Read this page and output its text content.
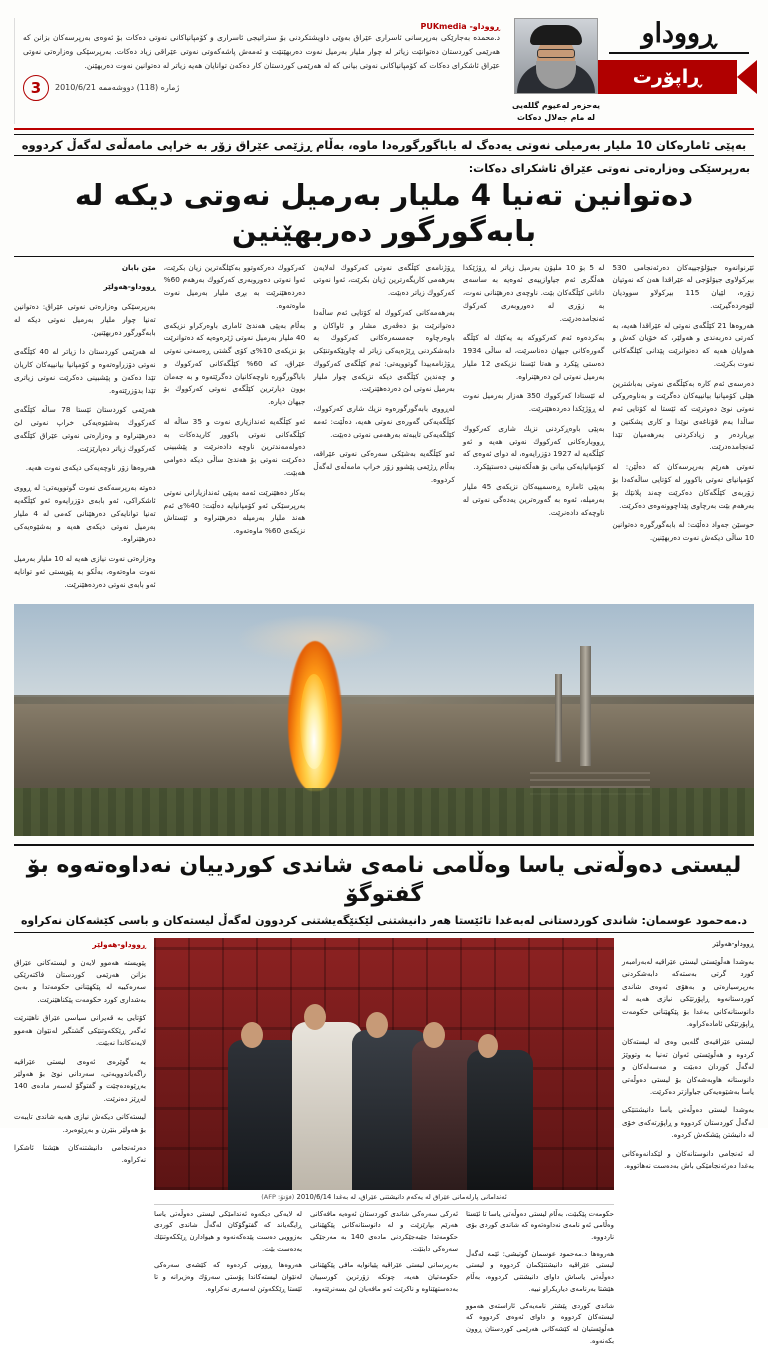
ڕووداو
ڕاپۆرت
یه‌حزه‌ر له‌عیوم گلله‌یی
له‌ مام جه‌لال دەكات
ڕووداو- PUKmedia
د.محمده‌ بەجارێكى به‌رپرسانى ئاسرارى عێراق به‌وێى داویشتكردنى بۆ ستراتیجى ئاسرارى و كۆمپانیاكانى نه‌وتى دەكات بۆ ئه‌وه‌ى به‌رپرسه‌كان بزانن كه‌ هه‌رێمى كوردستان ده‌توانێت زیاتر له‌ چوار ملیار به‌رمیل نه‌وت دەربهێنێت و ئه‌مه‌ش پاشه‌كه‌وتى نه‌وتى عێراقى زیاد دەكات. به‌رپرسێكى وه‌زاره‌تى نه‌وتى عێراق ئاشكراى دەكات كه‌ كۆمپانیاكانى نه‌وتى بیانى كه‌ له‌ هه‌رێمى كوردستان كار ده‌كه‌ن توانایان هه‌یه‌ زیاتر له‌ ده‌توانین نه‌وت ده‌ربهێنن.
3	ژماره‌ (118) دووشه‌ممه‌ 2010/6/21
به‌پێى ئامارەكان 10 ملیار به‌رمیلى نه‌وتى یه‌دەگ له‌ باباگورگورەدا ماوه‌، به‌ڵام ڕژێمى عێراق زۆر به‌ خراپى مامه‌ڵه‌ى له‌گه‌ڵ كردووه‌
به‌رپرسێكى وه‌زاره‌تى نه‌وتى عێراق ئاشكراى ده‌كات:
ده‌توانین ته‌نیا 4 ملیار به‌رمیل نه‌وتى دیكه‌ له‌ بابه‌گورگور ده‌ربهێنین

ئێرنوانه‌وه‌ جیۆلۆجییه‌كان ده‌رئه‌نجامى 530 بیركولاوى جیۆلۆجى له‌ عێراقدا هه‌ن كه‌ نه‌وتیان زۆره‌، لێیان 115 بیركولاو سوودیان لێوه‌ردەگیرێت.

هه‌روه‌ها 21 كێڵگه‌ى نه‌وتى له‌ عێراقدا هه‌یه‌، به‌ كه‌رتى ده‌ربه‌ندى و هه‌ولێر، كه‌ خۆیان كه‌ش و هه‌وایان هه‌یه‌ كه‌ ده‌توانرێت پێدانى كێلگه‌كانى نه‌وت بكرێت.

ده‌رسه‌ى ئه‌م كاره‌ به‌كێڵگه‌ى نه‌وتى به‌باشترین هێلى كۆمپانیا بیانییه‌كان ده‌گرێت و به‌ناوه‌روكى نه‌وتى نوێ ده‌وترێت كه‌ ئێستا له‌ كۆتایى ئه‌م ساڵدا به‌م قۆناغه‌ى نوێدا و كارى پشكنین و بڕیارده‌ر و زیادكردنى به‌رهه‌میان تێدا ئه‌نجامدەدرێت.

نه‌وتى هه‌رێم به‌رپرسه‌كان كه‌ ده‌ڵێن: له‌ كۆمپانیاى نه‌وتى باكوور له‌ كۆتایى ساڵه‌كه‌دا بۆ زۆربه‌ى كێڵگه‌كان ده‌كرێت چه‌ند پلانێك بۆ به‌رهه‌م بێت به‌رچاوى پێداچوونه‌وه‌ى ده‌كرێت.

حوسێن جه‌واد ده‌ڵێت: له‌ بابه‌گورگورە ده‌توانین 10 ساڵى دیكه‌ش نه‌وت ده‌ربهێنین.

له‌ 5 بۆ 10 ملیۆن به‌رمیل زیاتر له‌ ڕۆژێكدا هه‌ڵگرى ئه‌م جیاوازییه‌ى ئه‌وه‌یه‌ به‌ ساسه‌ى دانانى كێڵگه‌كان بێت. ناوچه‌ى ده‌رهێنانى نه‌وت، به‌ زۆرى له‌ ده‌وروبه‌رى كه‌ركوك ئه‌نجامدەدرێت.

به‌كرده‌وه‌ ئه‌م كه‌ركووكه‌ به‌ یه‌كێك له‌ كێڵگه‌ گه‌وره‌كانى جیهان ده‌ناسرێت، له‌ ساڵى 1934 ده‌ستى پێكرد و هه‌تا ئێستا نزیكه‌ى 12 ملیار به‌رمیل نه‌وتى لێ ده‌رهێنراوه‌.

له‌ ئێستادا كه‌ركووك 350 هه‌زار به‌رمیل نه‌وت له‌ ڕۆژێكدا ده‌رده‌هێنرێت.

به‌پێى باوه‌ڕكردنى نزیك شارى كه‌ركووك ڕووباره‌كانى كه‌ركووك نه‌وتى هه‌یه‌ و ئه‌و كێڵگه‌یه‌ له‌ 1927 دۆزرایه‌وه‌، له‌ دواى ئه‌وه‌ى كه‌ كۆمپانیایه‌كى بیانى بۆ هه‌ڵكه‌نینى ده‌ستپێكرد.

به‌پێى ئامارە ڕه‌سمییه‌كان نزیكه‌ى 45 ملیار به‌رمیله‌، ئه‌وه‌ به‌ گه‌وره‌ترین یه‌دەگى نه‌وتى له‌ ناوچه‌كه‌ دادەنرێت.

ڕۆژنامه‌ى كێڵگه‌ى نه‌وتى كه‌ركووك له‌لایه‌ن به‌رهه‌مى كاریگه‌رترین ژیان بكرێت، ئه‌وا نه‌وتى كه‌ركووك زیاتر ده‌بێت.

به‌رهه‌مه‌كانى كه‌ركووك له‌ كۆتایى ئه‌م ساڵه‌دا ده‌توانرێت بۆ ده‌ڤه‌رى مشار و ئاواكان و باوه‌رچاوه‌ جه‌مسه‌ره‌كانى كه‌ركووك به‌ دابه‌شكردنى ڕێژه‌یه‌كى زیاتر له‌ چاوپێكه‌وتنێكى ڕۆژنامه‌ییدا گوتوویه‌تى: ئه‌م كێڵگه‌ى كه‌ركووك و چه‌ندین كێڵگه‌ى دیكه‌ نزیكه‌ى چوار ملیار به‌رمیل نه‌وتى لێ ده‌رده‌هێنرێت.

له‌ڕووى بابه‌گورگورەوه‌ نزیك شارى كه‌ركووك، كێڵگه‌یه‌كى گه‌وره‌ى نه‌وتى هه‌یه‌، ده‌ڵێت: ئه‌مه‌ كێلگه‌یه‌كى تایبه‌ته‌ به‌رهه‌مى نه‌وتى ده‌بێت.

ئه‌و كێڵگه‌یه‌ به‌شێكى سه‌ره‌كى نه‌وتى عێراقه‌، به‌ڵام ڕژێمى پێشوو زۆر خراپ مامه‌ڵه‌ى له‌گه‌ڵ كردووه‌.

كه‌ركووك ده‌ركه‌وتوو به‌كێلگه‌ترین زیان بكرێت، ئه‌وا نه‌وتى ده‌وروبه‌رى كه‌ركووك به‌رهه‌م 60% ده‌رده‌هێنرێت به‌ بڕى ملیار به‌رمیل نه‌وت ماوه‌تەوه‌.

به‌ڵام به‌پێى هه‌ندێ ئامارى باوه‌ركراو نزیكه‌ى 40 ملیار به‌رمیل نه‌وتى ژێره‌وه‌یه‌ كه‌ ده‌توانرێت بۆ نزیكه‌ى 10%ى كۆى گشتى ڕه‌سه‌نى نه‌وتى عێراق، كه‌ 60% كێڵگه‌كانى كه‌ركووك و باباگورگورە ناوچه‌كانیان ده‌گرێته‌وه‌ و به‌ جه‌مان بوون دیارترین كێڵگه‌ى نه‌وتى كه‌ركووك بۆ جیهان دیارە.

ئه‌و كێڵگه‌یه‌ ئه‌ندازیارى نه‌وت و 35 ساڵه‌ له‌ كێڵگه‌كانى نه‌وتى باكوور كاریده‌كات به‌ ده‌وله‌مه‌ندترین ناوچه‌ دادەنرێت و پێشبینى ده‌كرێت نه‌وتى بۆ هه‌ندێ ساڵى دیكه‌ ده‌وامى هه‌بێت.

به‌كار دەهێنرێت ئه‌مه‌ به‌پێى ئه‌ندازیارانى نه‌وتى به‌رپرسێكى ئه‌و كۆمپانیایه‌ ده‌ڵێت: 40%ى ئه‌م هه‌ند ملیار به‌رمیله‌ ده‌رهێنراوه‌ و ئێستاش نزیكه‌ى 60% ماوه‌تەوه‌.

مێن بابان

ڕووداو-هه‌ولێر

به‌رپرسێكى وه‌زاره‌تى نه‌وتى عێراق: ده‌توانین ته‌نیا چوار ملیار به‌رمیل نه‌وتى دیكه‌ له‌ بابه‌گورگور ده‌ربهێنین.

له‌ هه‌رێمى كوردستان دا زیاتر له‌ 40 كێڵگه‌ى نه‌وتى دۆزراوه‌ته‌وه‌ و كۆمپانیا بیانییه‌كان كاریان تێدا ده‌كه‌ن و پێشبینى ده‌كرێت نه‌وتى زیاترى تێدا بدۆزرێته‌وه‌.

هه‌رێمى كوردستان ئێستا 78 ساڵه‌ كێڵگه‌ى كه‌ركووك به‌شێوه‌یه‌كى خراپ نه‌وتى لێ ده‌رهێنراوه‌ و وه‌زاره‌تى نه‌وتى عێراق كێڵگه‌ى كه‌ركووك زیاتر ده‌پارێزێت.

هه‌روه‌ها زۆر ناوچه‌یه‌كى دیكه‌ى نه‌وت هه‌یه‌.

ده‌وته‌ به‌رپرسه‌كه‌ى نه‌وت گوتوویه‌تى: له‌ ڕووى ئاشكراكى، ئه‌و بابه‌ى دۆزرایه‌وه‌ ئه‌و كێڵگه‌یه‌ ته‌نیا توانایه‌كى ده‌رهێنانى كه‌مى له‌ 4 ملیار به‌رمیل نه‌وتى دیكه‌ى هه‌یه‌ و به‌شێوه‌یه‌كى ده‌رهێنراوه‌.

وه‌زاره‌تى نه‌وت نیازى هه‌یه‌ له‌ 10 ملیار به‌رمیل نه‌وت ماوه‌ته‌وه‌، به‌ڵكو به‌ پێویستى ئه‌و توانایه‌ ئه‌و بابه‌ى نه‌وتى ده‌رده‌هێنرێت.

لیستى ده‌وڵه‌تى یاسا وه‌ڵامى نامه‌ى شاندى كوردییان نه‌داوه‌ته‌وه‌ بۆ گفتوگۆ
د.مەحمود عوسمان: شاندى كوردستانى له‌به‌غدا تائێستا هه‌ر دانیشتنى لێكتێگه‌یشتنى كردوون له‌گه‌ڵ لیسته‌كان و باسى كێشه‌كان نه‌كراوه‌

ڕووداو-هه‌ولێر

به‌وشدا هه‌ڵوێستى لیستى عێراقیه‌ له‌به‌رامبه‌ر كورد گرتى به‌سته‌كه‌ دابه‌شكردنى به‌رپرسیاره‌تى و به‌هۆى ئه‌وه‌ى شاندى كوردستانه‌وه‌ ڕاپۆرتێكى نیازى هه‌یه‌ له‌ دانوستانه‌كانى به‌غدا بۆ پێكهێنانى حكومه‌ت ڕاپۆرتێكى ئاماده‌كراوه‌.

لیستى عێراقیه‌ى گلەیى وه‌ى له‌ لیسته‌كان كردوه‌ و هه‌ڵوێستى ئه‌وان ته‌نیا به‌ وتووێژ له‌گه‌ڵ كوردان ده‌بێت و مه‌سه‌له‌كان و دانوستانه‌ هاوبه‌شه‌كان بۆ لیستى ده‌وڵه‌تى یاسا به‌شێوه‌یه‌كى جیاوازتر ده‌كرێت.

به‌وشدا لیستى ده‌وڵه‌تى یاسا دانیشتنێكى له‌گه‌ڵ كوردستان كردووه‌ و ڕاپۆرته‌كه‌ى خۆى له‌ دانیشتن پێشكه‌ش كردوه‌.

له‌ ئه‌نجامى دانوستانه‌كان و لێكدانه‌وه‌كانى به‌غدا ده‌رئه‌نجامێكى باش به‌ده‌ست نه‌هاتووه‌.

ئه‌ندامانى پارله‌مانى عێراق له‌ یه‌كه‌م دانیشتنى عێراق، له‌ به‌غدا 2010/6/14 (فۆتۆ: AFP)

حكومه‌ت پێكبێت، به‌ڵام لیستى ده‌وڵه‌تى یاسا تا ئێستا وه‌ڵامى ئه‌و نامه‌ى نه‌داوه‌ته‌وه‌ كه‌ شاندى كوردى بۆى ناردووه‌.

هه‌روه‌ها د.مه‌حمود عوسمان گوتیشى: ئێمه‌ له‌گه‌ڵ لیستى عێراقیه‌ دانیشتنێكمان كردووه‌ و لیستى ده‌وڵه‌تى یاساش داواى دانیشتنى كردووه‌، به‌ڵام هێشتا به‌رنامه‌ى دیاریكراو نییه‌.

شاندى كوردى پێشتر نامه‌یه‌كى ئاراسته‌ى هه‌موو لیسته‌كان كردووه‌ و داواى ئه‌وه‌ى كردووه‌ كه‌ هه‌ڵوێستیان له‌ كێشه‌كانى هه‌رێمى كوردستان ڕوون بكه‌نه‌وه‌.

ئه‌ركى سه‌ره‌كى شاندى كوردستان ئه‌وه‌یه‌ مافه‌كانى هه‌رێم بپارێزێت و له‌ دانوستانه‌كانى پێكهێنانى حكومه‌تدا جێبه‌جێكردنى ماده‌ى 140 به‌ مه‌رجێكى سه‌ره‌كى دابنێت.

به‌رپرسانى لیستى عێراقیه‌ پێیانوایه‌ مافى پێكهێنانى حكومه‌تیان هه‌یه‌، چونكه‌ زۆرترین كورسییان به‌ده‌ستهێناوه‌ و ناكرێت ئه‌و مافه‌یان لێ بسه‌نرێته‌وه‌.

له‌ لایه‌كى دیكه‌وه‌ ئه‌ندامێكى لیستى ده‌وڵه‌تى یاسا ڕایگه‌یاند كه‌ گفتوگۆكان له‌گه‌ڵ شاندى كوردى به‌زوویى ده‌ست پێده‌كه‌نه‌وه‌ و هیوادارن ڕێككه‌وتنێك به‌ده‌ست بێت.

هه‌روه‌ها ڕوونى كرده‌وه‌ كه‌ كێشه‌ى سه‌ره‌كى له‌نێوان لیسته‌كاندا پۆستى سه‌رۆك وه‌زیرانه‌ و تا ئێستا ڕێككه‌وتن له‌سه‌رى نه‌كراوه‌.

ڕووداو-هه‌ولێر

پێویسته‌ هه‌موو لایه‌ن و لیسته‌كانى عێراق بزانن هه‌رێمى كوردستان فاكته‌رێكى سه‌ره‌كییه‌ له‌ پێكهێنانى حكومه‌تدا و به‌بێ به‌شدارى كورد حكومه‌ت پێكناهێنرێت.

كۆتایى به‌ قه‌یرانى سیاسى عێراق ناهێنرێت ئه‌گه‌ر ڕێككه‌وتنێكى گشتگیر له‌نێوان هه‌موو لایه‌نه‌كاندا نه‌بێت.

به‌ گوێره‌ى ئه‌وه‌ى لیستى عێراقیه‌ راگه‌یاندوویه‌تى، سه‌ردانى نوێ بۆ هه‌ولێر به‌ڕێوه‌ده‌چێت و گفتوگۆ له‌سه‌ر ماده‌ى 140 له‌ڕێز ده‌نرێت.

لیسته‌كانى دیكه‌ش نیازى هه‌یه‌ شاندى تایبه‌ت بۆ هه‌ولێر بنێرن و به‌ڕێوه‌برد.

ده‌رئه‌نجامى دانیشتنه‌كان هێشتا ئاشكرا نه‌كراوه‌.
